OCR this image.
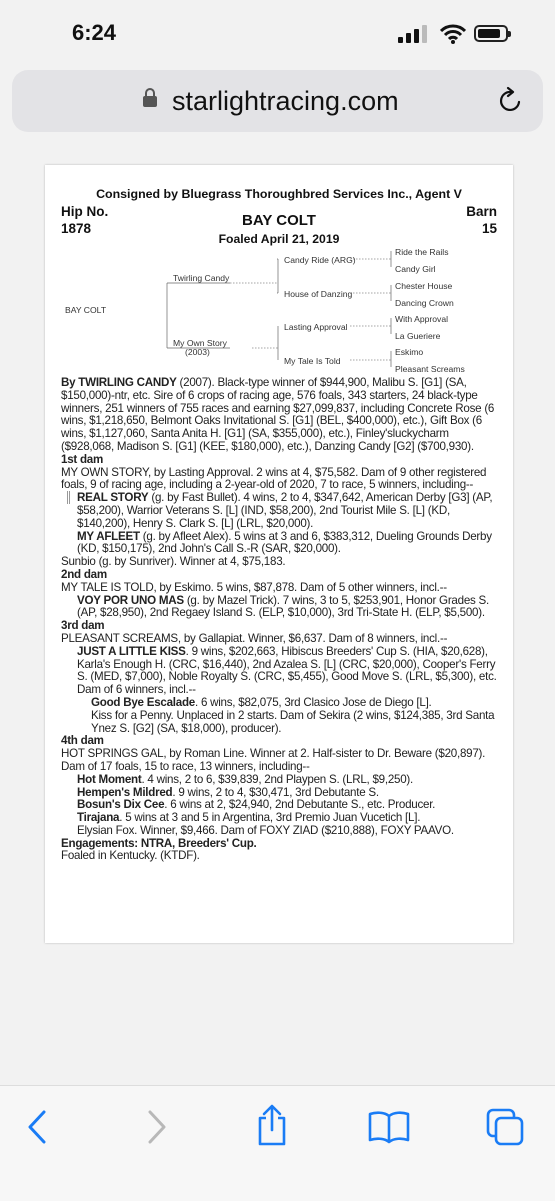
6:24
starlightracing.com
Consigned by Bluegrass Thoroughbred Services Inc., Agent V
Hip No.
1878
Barn
15
BAY COLT
Foaled April 21, 2019
BAY COLT
Twirling Candy
My Own Story
(2003)
Candy Ride (ARG)
House of Danzing
Lasting Approval
My Tale Is Told
Ride the Rails
Candy Girl
Chester House
Dancing Crown
With Approval
La Gueriere
Eskimo
Pleasant Screams

By TWIRLING CANDY (2007). Black-type winner of $944,900, Malibu S. [G1] (SA, $150,000)-ntr, etc. Sire of 6 crops of racing age, 576 foals, 343 starters, 24 black-type winners, 251 winners of 755 races and earning $27,099,837, including Concrete Rose (6 wins, $1,218,650, Belmont Oaks Invitational S. [G1] (BEL, $400,000), etc.), Gift Box (6 wins, $1,127,060, Santa Anita H. [G1] (SA, $355,000), etc.), Finley'sluckycharm ($928,068, Madison S. [G1] (KEE, $180,000), etc.), Danzing Candy [G2] ($700,930).

1st dam

MY OWN STORY, by Lasting Approval. 2 wins at 4, $75,582. Dam of 9 other registered foals, 9 of racing age, including a 2-year-old of 2020, 7 to race, 5 winners, including--

REAL STORY (g. by Fast Bullet). 4 wins, 2 to 4, $347,642, American Derby [G3] (AP, $58,200), Warrior Veterans S. [L] (IND, $58,200), 2nd Tourist Mile S. [L] (KD, $140,200), Henry S. Clark S. [L] (LRL, $20,000).

MY AFLEET (g. by Afleet Alex). 5 wins at 3 and 6, $383,312, Dueling Grounds Derby (KD, $150,175), 2nd John's Call S.-R (SAR, $20,000).

Sunbio (g. by Sunriver). Winner at 4, $75,183.

2nd dam

MY TALE IS TOLD, by Eskimo. 5 wins, $87,878. Dam of 5 other winners, incl.--

VOY POR UNO MAS (g. by Mazel Trick). 7 wins, 3 to 5, $253,901, Honor Grades S. (AP, $28,950), 2nd Regaey Island S. (ELP, $10,000), 3rd Tri-State H. (ELP, $5,500).

3rd dam

PLEASANT SCREAMS, by Gallapiat. Winner, $6,637. Dam of 8 winners, incl.--

JUST A LITTLE KISS. 9 wins, $202,663, Hibiscus Breeders' Cup S. (HIA, $20,628), Karla's Enough H. (CRC, $16,440), 2nd Azalea S. [L] (CRC, $20,000), Cooper's Ferry S. (MED, $7,000), Noble Royalty S. (CRC, $5,455), Good Move S. (LRL, $5,300), etc. Dam of 6 winners, incl.--

Good Bye Escalade. 6 wins, $82,075, 3rd Clasico Jose de Diego [L].

Kiss for a Penny. Unplaced in 2 starts. Dam of Sekira (2 wins, $124,385, 3rd Santa Ynez S. [G2] (SA, $18,000), producer).

4th dam

HOT SPRINGS GAL, by Roman Line. Winner at 2. Half-sister to Dr. Beware ($20,897). Dam of 17 foals, 15 to race, 13 winners, including--

Hot Moment. 4 wins, 2 to 6, $39,839, 2nd Playpen S. (LRL, $9,250).

Hempen's Mildred. 9 wins, 2 to 4, $30,471, 3rd Debutante S.

Bosun's Dix Cee. 6 wins at 2, $24,940, 2nd Debutante S., etc. Producer.

Tirajana. 5 wins at 3 and 5 in Argentina, 3rd Premio Juan Vucetich [L].

Elysian Fox. Winner, $9,466. Dam of FOXY ZIAD ($210,888), FOXY PAAVO.

Engagements: NTRA, Breeders' Cup.

Foaled in Kentucky. (KTDF).
